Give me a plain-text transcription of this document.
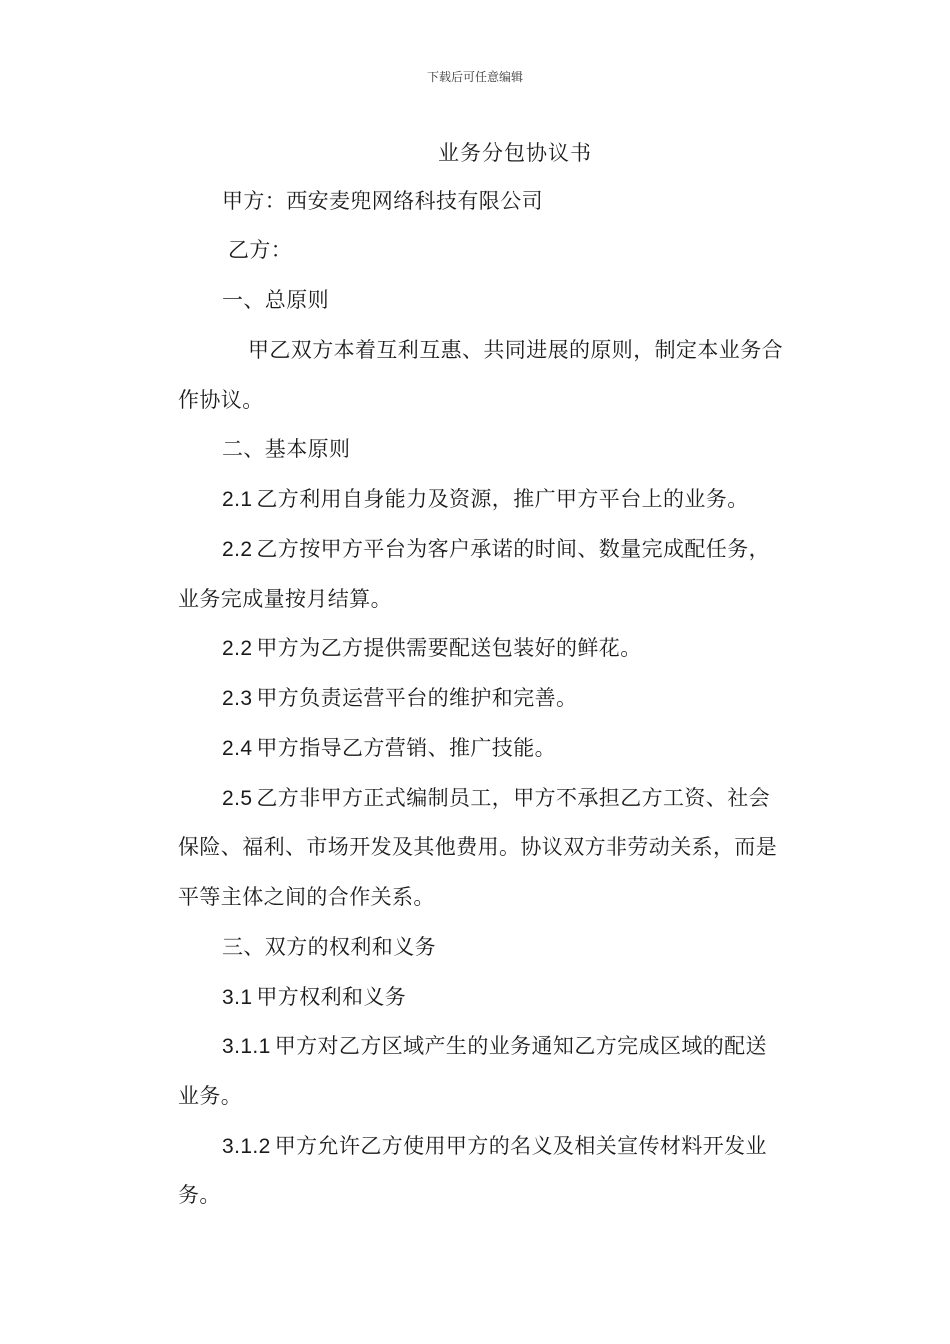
下载后可任意编辑
业务分包协议书
甲方：西安麦兜网络科技有限公司
乙方：
一、总原则
甲乙双方本着互利互惠、共同进展的原则，制定本业务合
作协议。
二、基本原则
2.1 乙方利用自身能力及资源，推广甲方平台上的业务。
2.2 乙方按甲方平台为客户承诺的时间、数量完成配任务，
业务完成量按月结算。
2.2 甲方为乙方提供需要配送包装好的鲜花。
2.3 甲方负责运营平台的维护和完善。
2.4 甲方指导乙方营销、推广技能。
2.5 乙方非甲方正式编制员工，甲方不承担乙方工资、社会
保险、福利、市场开发及其他费用。协议双方非劳动关系，而是
平等主体之间的合作关系。
三、双方的权利和义务
3.1 甲方权利和义务
3.1.1 甲方对乙方区域产生的业务通知乙方完成区域的配送
业务。
3.1.2 甲方允许乙方使用甲方的名义及相关宣传材料开发业
务。
